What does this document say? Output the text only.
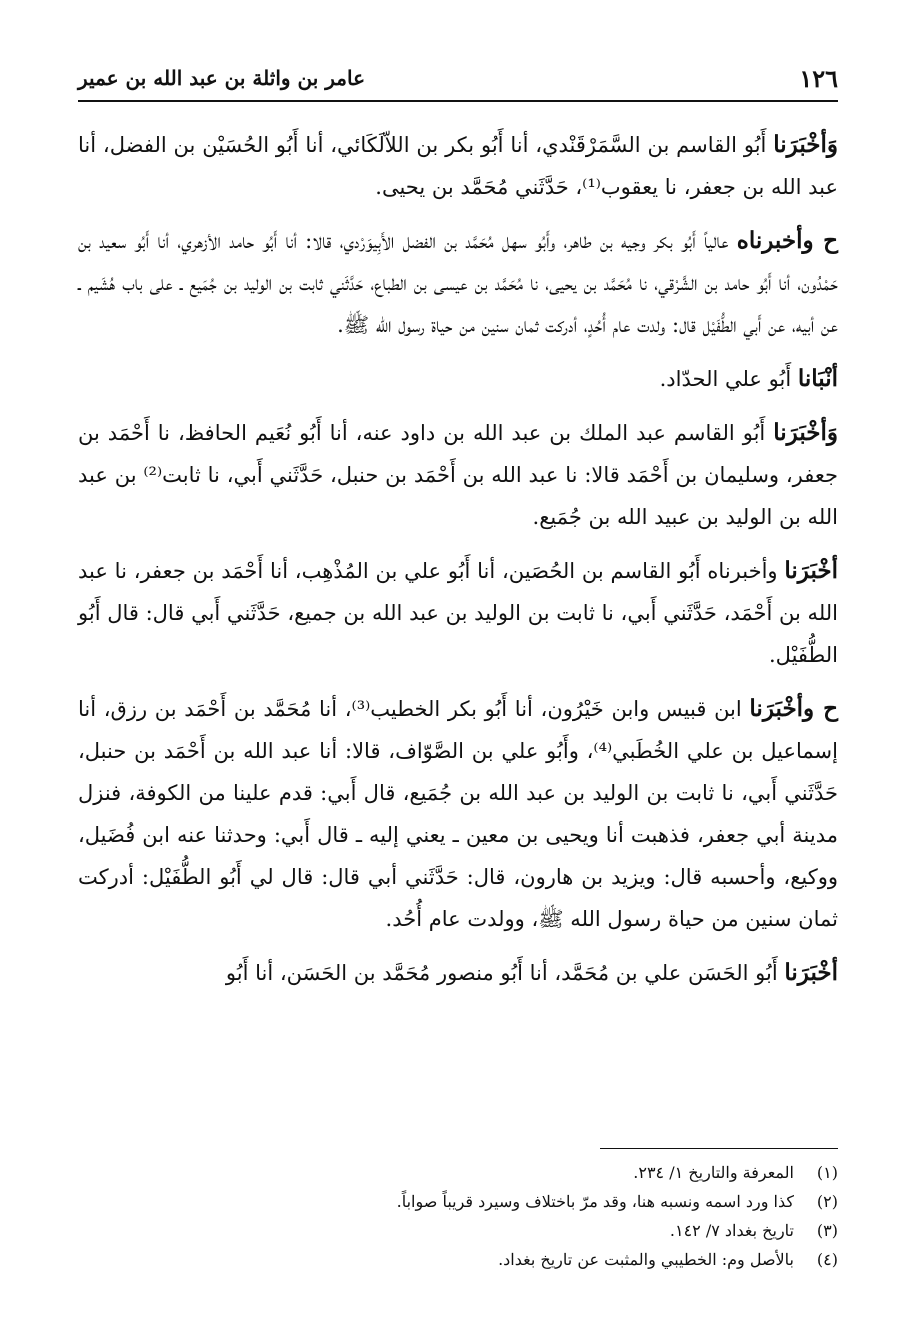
١٢٦
عامر بن واثلة بن عبد الله بن عمير

وَأخْبَرَنا أَبُو القاسم بن السَّمَرْقَنْدي، أنا أَبُو بكر بن اللاّلَكَائي، أنا أَبُو الحُسَيْن بن الفضل، أنا عبد الله بن جعفر، نا يعقوب⁽¹⁾، حَدَّثَني مُحَمَّد بن يحيى.

ح وأخبرناه عالياً أَبُو بكر وجيه بن طاهر، وأَبُو سهل مُحَمَّد بن الفضل الأَبِيوَرْدي، قالا: أنا أَبُو حامد الأزهري، أنا أَبُو سعيد بن حَمْدُون، أنا أَبُو حامد بن الشَّرْقي، نا مُحَمَّد بن يحيى، نا مُحَمَّد بن عيسى بن الطباع، حَدَّثَني ثابت بن الوليد بن جُمَيع ـ على باب هُشَيم ـ عن أبيه، عن أَبي الطُّفَيْل قال: ولدت عام أُحُدٍ، أدركت ثمان سنين من حياة رسول الله ﷺ.

أنْبَانا أَبُو علي الحدّاد.

وَأخْبَرَنا أَبُو القاسم عبد الملك بن عبد الله بن داود عنه، أنا أَبُو نُعَيم الحافظ، نا أَحْمَد بن جعفر، وسليمان بن أَحْمَد قالا: نا عبد الله بن أَحْمَد بن حنبل، حَدَّثَني أَبي، نا ثابت⁽²⁾ بن عبد الله بن الوليد بن عبيد الله بن جُمَيع.

أخْبَرَنا وأخبرناه أَبُو القاسم بن الحُصَين، أنا أَبُو علي بن المُذْهِب، أنا أَحْمَد بن جعفر، نا عبد الله بن أَحْمَد، حَدَّثَني أَبي، نا ثابت بن الوليد بن عبد الله بن جميع، حَدَّثَني أَبي قال: قال أَبُو الطُّفَيْل.

ح وأخْبَرَنا ابن قبيس وابن خَيْرُون، أنا أَبُو بكر الخطيب⁽³⁾، أنا مُحَمَّد بن أَحْمَد بن رزق، أنا إسماعيل بن علي الخُطَبي⁽⁴⁾، وأَبُو علي بن الصَّوّاف، قالا: أنا عبد الله بن أَحْمَد بن حنبل، حَدَّثَني أَبي، نا ثابت بن الوليد بن عبد الله بن جُمَيع، قال أَبي: قدم علينا من الكوفة، فنزل مدينة أبي جعفر، فذهبت أنا ويحيى بن معين ـ يعني إليه ـ قال أَبي: وحدثنا عنه ابن فُضَيل، ووكيع، وأحسبه قال: ويزيد بن هارون، قال: حَدَّثَني أبي قال: قال لي أَبُو الطُّفَيْل: أدركت ثمان سنين من حياة رسول الله ﷺ، وولدت عام أُحُد.

أخْبَرَنا أَبُو الحَسَن علي بن مُحَمَّد، أنا أَبُو منصور مُحَمَّد بن الحَسَن، أنا أَبُو

(١)المعرفة والتاريخ ١/ ٢٣٤.
(٢)كذا ورد اسمه ونسبه هنا، وقد مرّ باختلاف وسيرد قريباً صواباً.
(٣)تاريخ بغداد ٧/ ١٤٢.
(٤)بالأصل وم: الخطيبي والمثبت عن تاريخ بغداد.
